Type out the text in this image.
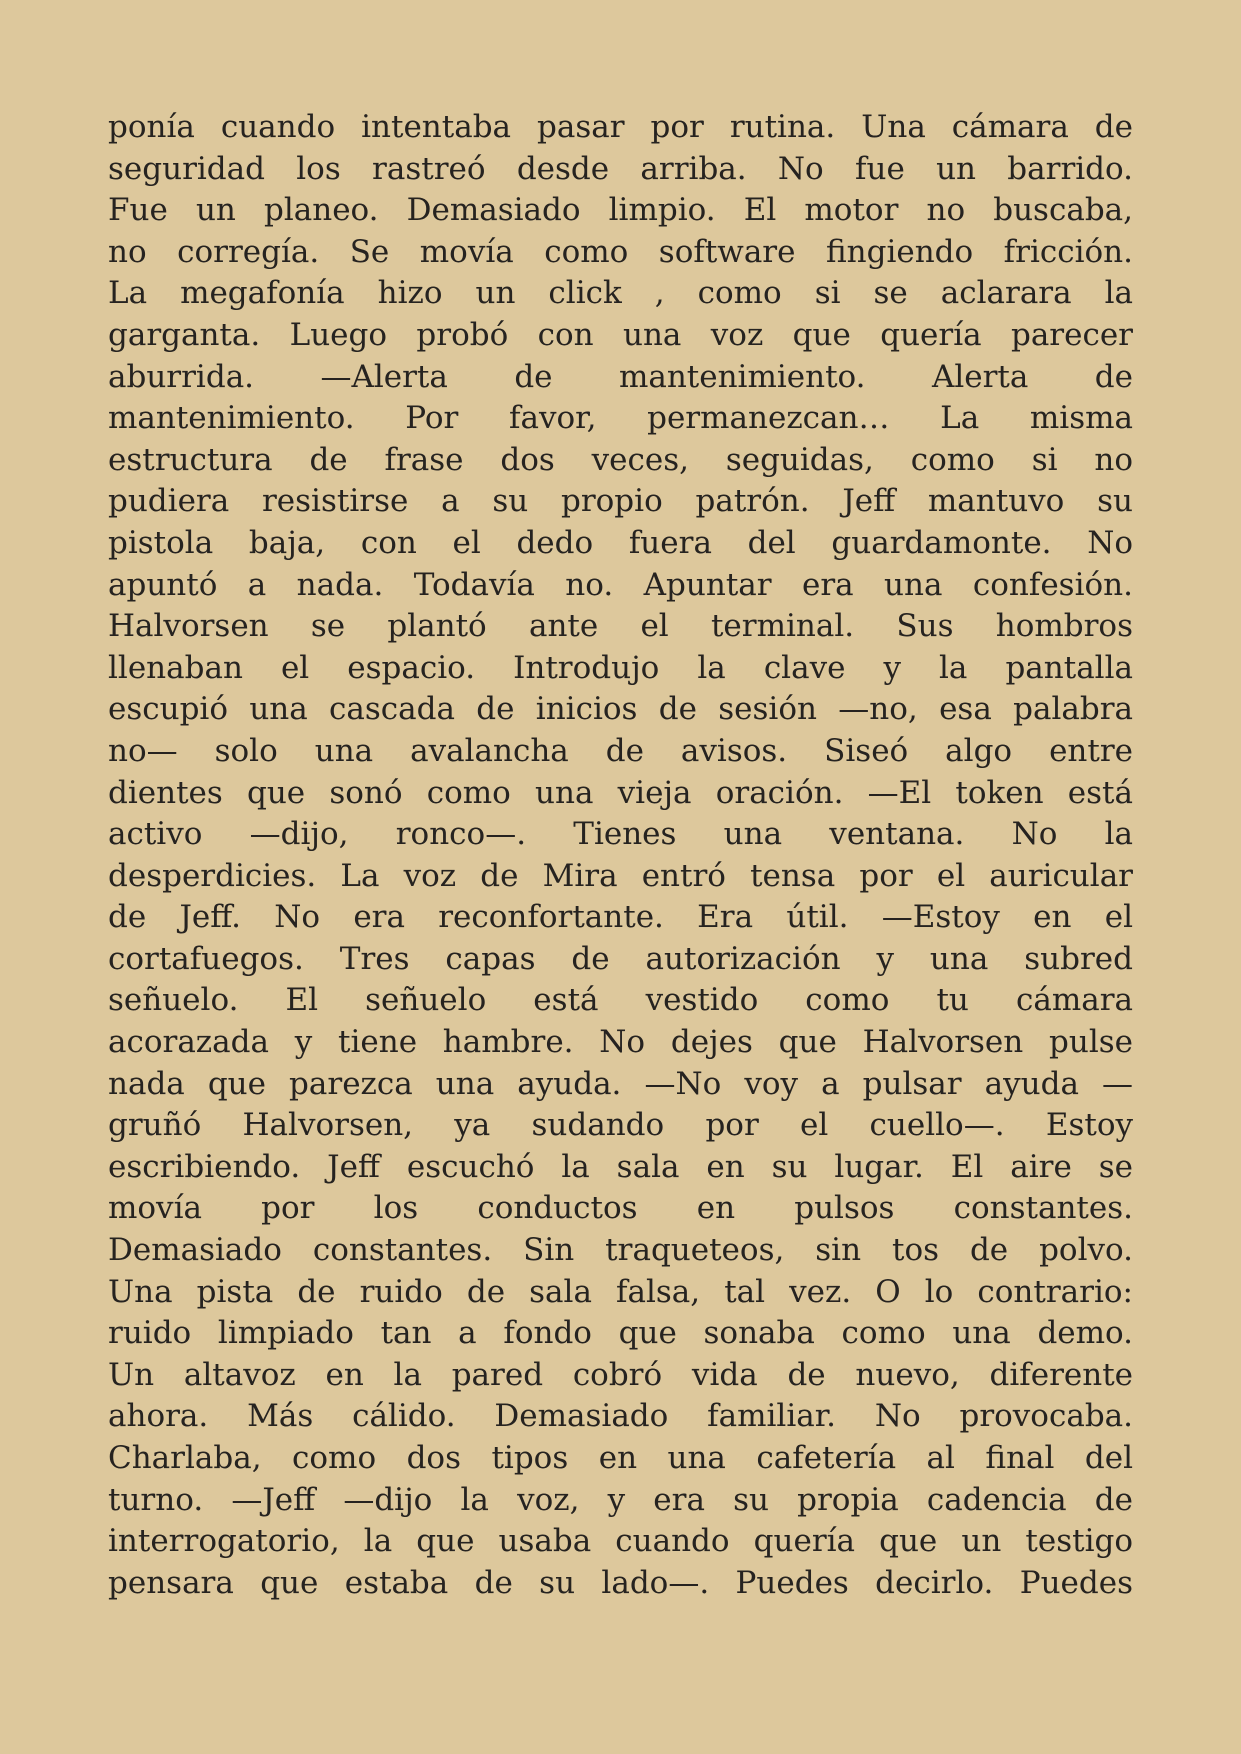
ponía cuando intentaba pasar por rutina. Una cámara de
seguridad los rastreó desde arriba. No fue un barrido.
Fue un planeo. Demasiado limpio. El motor no buscaba,
no corregía. Se movía como software fingiendo fricción.
La megafonía hizo un click , como si se aclarara la
garganta. Luego probó con una voz que quería parecer
aburrida. —Alerta de mantenimiento. Alerta de
mantenimiento. Por favor, permanezcan… La misma
estructura de frase dos veces, seguidas, como si no
pudiera resistirse a su propio patrón. Jeff mantuvo su
pistola baja, con el dedo fuera del guardamonte. No
apuntó a nada. Todavía no. Apuntar era una confesión.
Halvorsen se plantó ante el terminal. Sus hombros
llenaban el espacio. Introdujo la clave y la pantalla
escupió una cascada de inicios de sesión —no, esa palabra
no— solo una avalancha de avisos. Siseó algo entre
dientes que sonó como una vieja oración. —El token está
activo —dijo, ronco—. Tienes una ventana. No la
desperdicies. La voz de Mira entró tensa por el auricular
de Jeff. No era reconfortante. Era útil. —Estoy en el
cortafuegos. Tres capas de autorización y una subred
señuelo. El señuelo está vestido como tu cámara
acorazada y tiene hambre. No dejes que Halvorsen pulse
nada que parezca una ayuda. —No voy a pulsar ayuda —
gruñó Halvorsen, ya sudando por el cuello—. Estoy
escribiendo. Jeff escuchó la sala en su lugar. El aire se
movía por los conductos en pulsos constantes.
Demasiado constantes. Sin traqueteos, sin tos de polvo.
Una pista de ruido de sala falsa, tal vez. O lo contrario:
ruido limpiado tan a fondo que sonaba como una demo.
Un altavoz en la pared cobró vida de nuevo, diferente
ahora. Más cálido. Demasiado familiar. No provocaba.
Charlaba, como dos tipos en una cafetería al final del
turno. —Jeff —dijo la voz, y era su propia cadencia de
interrogatorio, la que usaba cuando quería que un testigo
pensara que estaba de su lado—. Puedes decirlo. Puedes
